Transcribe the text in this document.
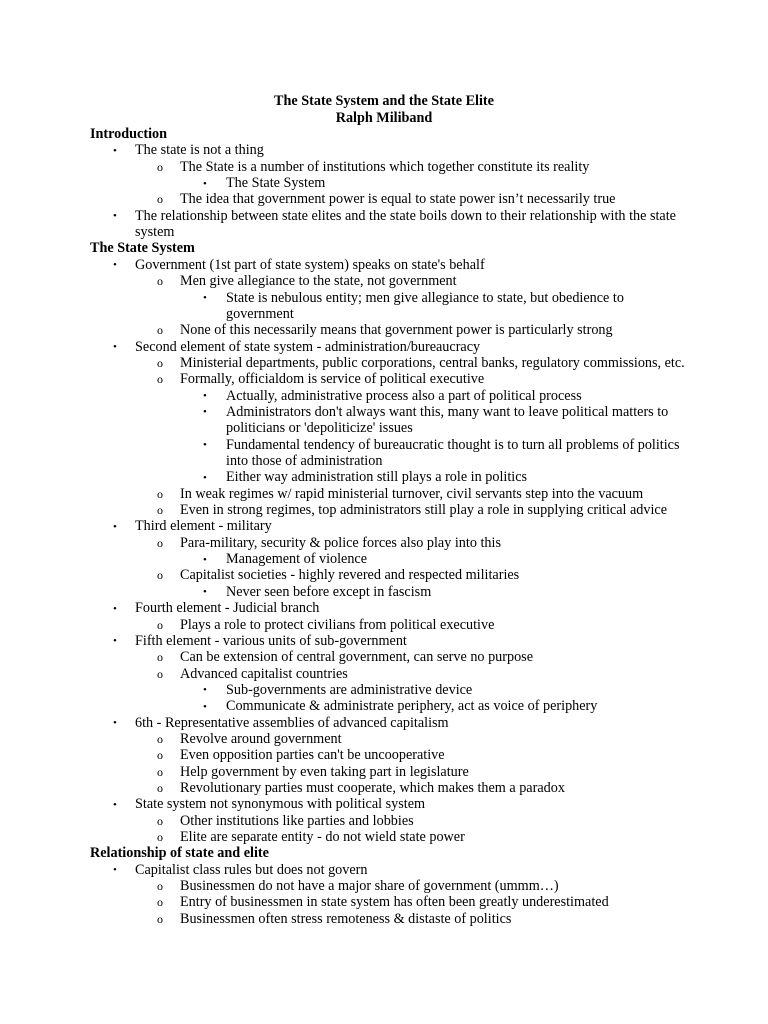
The State System and the State Elite
Ralph Miliband
Introduction
• The state is not a thing
o The State is a number of institutions which together constitute its reality
• The State System
o The idea that government power is equal to state power isn’t necessarily true
• The relationship between state elites and the state boils down to their relationship with the state
system
The State System
• Government (1st part of state system) speaks on state's behalf
o Men give allegiance to the state, not government
• State is nebulous entity; men give allegiance to state, but obedience to
government
o None of this necessarily means that government power is particularly strong
• Second element of state system - administration/bureaucracy
o Ministerial departments, public corporations, central banks, regulatory commissions, etc.
o Formally, officialdom is service of political executive
• Actually, administrative process also a part of political process
• Administrators don't always want this, many want to leave political matters to
politicians or 'depoliticize' issues
• Fundamental tendency of bureaucratic thought is to turn all problems of politics
into those of administration
• Either way administration still plays a role in politics
o In weak regimes w/ rapid ministerial turnover, civil servants step into the vacuum
o Even in strong regimes, top administrators still play a role in supplying critical advice
• Third element - military
o Para-military, security & police forces also play into this
• Management of violence
o Capitalist societies - highly revered and respected militaries
• Never seen before except in fascism
• Fourth element - Judicial branch
o Plays a role to protect civilians from political executive
• Fifth element - various units of sub-government
o Can be extension of central government, can serve no purpose
o Advanced capitalist countries
• Sub-governments are administrative device
• Communicate & administrate periphery, act as voice of periphery
• 6th - Representative assemblies of advanced capitalism
o Revolve around government
o Even opposition parties can't be uncooperative
o Help government by even taking part in legislature
o Revolutionary parties must cooperate, which makes them a paradox
• State system not synonymous with political system
o Other institutions like parties and lobbies
o Elite are separate entity - do not wield state power
Relationship of state and elite
• Capitalist class rules but does not govern
o Businessmen do not have a major share of government (ummm…)
o Entry of businessmen in state system has often been greatly underestimated
o Businessmen often stress remoteness & distaste of politics
